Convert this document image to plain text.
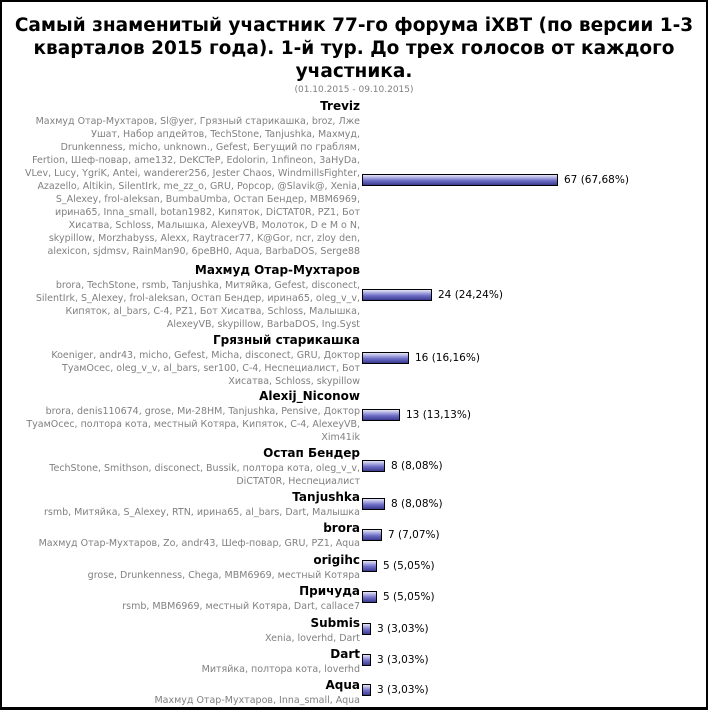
Самый знаменитый участник 77-го форума iXBT (по версии 1-3 кварталов 2015 года). 1-й тур. До трех голосов от каждого участника.
(01.10.2015 - 09.10.2015)
Treviz
Махмуд Отар-Мухтаров, Sl@yer, Грязный старикашка, broz, Лже Ушат, Набор апдейтов, TechStone, Tanjushka, Махмуд, Drunkenness, micho, unknown., Gefest, Бегущий по граблям, Fertion, Шеф-повар, ame132, DeKCTeP, Edolorin, 1nfineon, 3aHyDa, VLev, Lucy, YgriK, Antei, wanderer256, Jester Chaos, WindmillsFighter, Azazello, Altikin, SilentIrk, me_zz_o, GRU, Popcop, @Slavik@, Xenia, S_Alexey, frol-aleksan, BumbaUmba, Остап Бендер, MBM6969, ирина65, Inna_small, botan1982, Кипяток, DiCTAT0R, PZ1, Бот Хисатва, Schloss, Малышка, AlexeyVB, Молоток, D e M o N, skypillow, Morzhabyss, Alexx, Raytracer77, K@Gor, ncr, zloy den, alexicon, sjdmsv, RainMan90, 6peBH0, Aqua, BarbaDOS, Serge88
67 (67,68%)
Махмуд Отар-Мухтаров
brora, TechStone, rsmb, Tanjushka, Митяйка, Gefest, disconect, SilentIrk, S_Alexey, frol-aleksan, Остап Бендер, ирина65, oleg_v_v, Кипяток, al_bars, C-4, PZ1, Бот Хисатва, Schloss, Малышка, AlexeyVB, skypillow, BarbaDOS, Ing.Syst
24 (24,24%)
Грязный старикашка
Koeniger, andr43, micho, Gefest, Micha, disconect, GRU, Доктор ТуамОсес, oleg_v_v, al_bars, ser100, C-4, Неспециалист, Бот Хисатва, Schloss, skypillow
16 (16,16%)
Alexij_Niconow
brora, denis110674, grose, Ми-28НМ, Tanjushka, Pensive, Доктор ТуамОсес, полтора кота, местный Котяра, Кипяток, C-4, AlexeyVB, Xim41ik
13 (13,13%)
Остап Бендер
TechStone, Smithson, disconect, Bussik, полтора кота, oleg_v_v, DiCTAT0R, Неспециалист
8 (8,08%)
Tanjushka
rsmb, Митяйка, S_Alexey, RTN, ирина65, al_bars, Dart, Малышка
8 (8,08%)
brora
Махмуд Отар-Мухтаров, Zo, andr43, Шеф-повар, GRU, PZ1, Aqua
7 (7,07%)
origihc
grose, Drunkenness, Chega, MBM6969, местный Котяра
5 (5,05%)
Причуда
rsmb, MBM6969, местный Котяра, Dart, callace7
5 (5,05%)
Submis
Xenia, loverhd, Dart
3 (3,03%)
Dart
Митяйка, полтора кота, loverhd
3 (3,03%)
Aqua
Махмуд Отар-Мухтаров, Inna_small, Aqua
3 (3,03%)
